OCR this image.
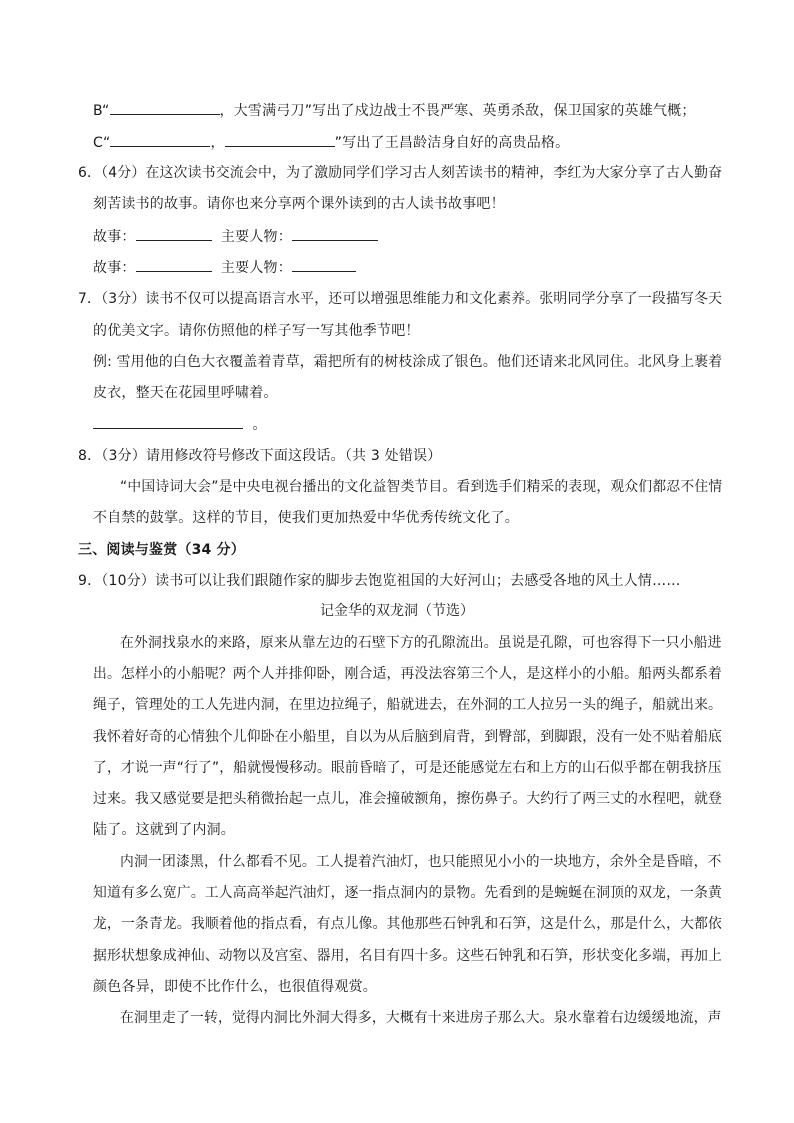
B“	，大雪满弓刀”写出了戍边战士不畏严寒、英勇杀敌，保卫国家的英雄气概；
C“	，	”写出了王昌龄洁身自好的高贵品格。
6．（4分）在这次读书交流会中，为了激励同学们学习古人刻苦读书的精神，李红为大家分享了古人勤奋
刻苦读书的故事。请你也来分享两个课外读到的古人读书故事吧！
故事：	主要人物：
故事：	主要人物：
7．（3分）读书不仅可以提高语言水平，还可以增强思维能力和文化素养。张明同学分享了一段描写冬天
的优美文字。请你仿照他的样子写一写其他季节吧！
例: 雪用他的白色大衣覆盖着青草，霜把所有的树枝涂成了银色。他们还请来北风同住。北风身上裹着
皮衣，整天在花园里呼啸着。
。
8．（3分）请用修改符号修改下面这段话。（共 3 处错误）
“中国诗词大会”是中央电视台播出的文化益智类节目。看到选手们精采的表现，观众们都忍不住情
不自禁的鼓掌。这样的节目，使我们更加热爱中华优秀传统文化了。
三、阅读与鉴赏（34 分）
9．（10分）读书可以让我们跟随作家的脚步去饱览祖国的大好河山；去感受各地的风土人情……
记金华的双龙洞（节选）
在外洞找泉水的来路，原来从靠左边的石壁下方的孔隙流出。虽说是孔隙，可也容得下一只小船进
出。怎样小的小船呢？两个人并排仰卧，刚合适，再没法容第三个人，是这样小的小船。船两头都系着
绳子，管理处的工人先进内洞，在里边拉绳子，船就进去，在外洞的工人拉另一头的绳子，船就出来。
我怀着好奇的心情独个儿仰卧在小船里，自以为从后脑到肩背，到臀部，到脚跟，没有一处不贴着船底
了，才说一声“行了”，船就慢慢移动。眼前昏暗了，可是还能感觉左右和上方的山石似乎都在朝我挤压
过来。我又感觉要是把头稍微抬起一点儿，准会撞破额角，擦伤鼻子。大约行了两三丈的水程吧，就登
陆了。这就到了内洞。
内洞一团漆黑，什么都看不见。工人提着汽油灯，也只能照见小小的一块地方，余外全是昏暗，不
知道有多么宽广。工人高高举起汽油灯，逐一指点洞内的景物。先看到的是蜿蜒在洞顶的双龙，一条黄
龙，一条青龙。我顺着他的指点看，有点儿像。其他那些石钟乳和石笋，这是什么，那是什么，大都依
据形状想象成神仙、动物以及宫室、器用，名目有四十多。这些石钟乳和石笋，形状变化多端，再加上
颜色各异，即使不比作什么，也很值得观赏。
在洞里走了一转，觉得内洞比外洞大得多，大概有十来进房子那么大。泉水靠着右边缓缓地流，声
